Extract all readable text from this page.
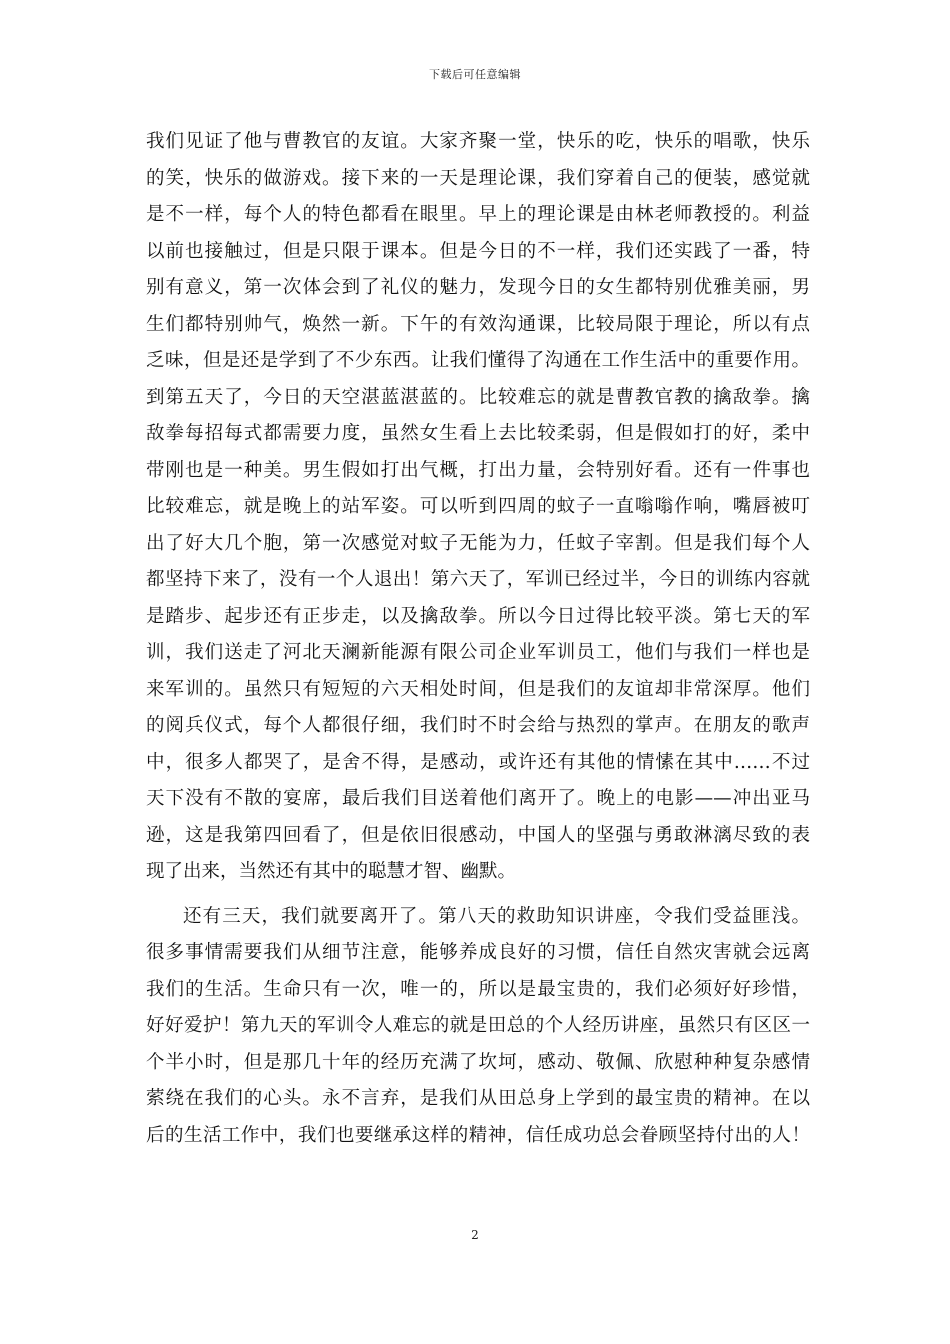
下载后可任意编辑
我们见证了他与曹教官的友谊。大家齐聚一堂，快乐的吃，快乐的唱歌，快乐
的笑，快乐的做游戏。接下来的一天是理论课，我们穿着自己的便装，感觉就
是不一样，每个人的特色都看在眼里。早上的理论课是由林老师教授的。利益
以前也接触过，但是只限于课本。但是今日的不一样，我们还实践了一番，特
别有意义，第一次体会到了礼仪的魅力，发现今日的女生都特别优雅美丽，男
生们都特别帅气，焕然一新。下午的有效沟通课，比较局限于理论，所以有点
乏味，但是还是学到了不少东西。让我们懂得了沟通在工作生活中的重要作用。
到第五天了，今日的天空湛蓝湛蓝的。比较难忘的就是曹教官教的擒敌拳。擒
敌拳每招每式都需要力度，虽然女生看上去比较柔弱，但是假如打的好，柔中
带刚也是一种美。男生假如打出气概，打出力量，会特别好看。还有一件事也
比较难忘，就是晚上的站军姿。可以听到四周的蚊子一直嗡嗡作响，嘴唇被叮
出了好大几个胞，第一次感觉对蚊子无能为力，任蚊子宰割。但是我们每个人
都坚持下来了，没有一个人退出！第六天了，军训已经过半，今日的训练内容就
是踏步、起步还有正步走，以及擒敌拳。所以今日过得比较平淡。第七天的军
训，我们送走了河北天澜新能源有限公司企业军训员工，他们与我们一样也是
来军训的。虽然只有短短的六天相处时间，但是我们的友谊却非常深厚。他们
的阅兵仪式，每个人都很仔细，我们时不时会给与热烈的掌声。在朋友的歌声
中，很多人都哭了，是舍不得，是感动，或许还有其他的情愫在其中……不过
天下没有不散的宴席，最后我们目送着他们离开了。晚上的电影——冲出亚马
逊，这是我第四回看了，但是依旧很感动，中国人的坚强与勇敢淋漓尽致的表
现了出来，当然还有其中的聪慧才智、幽默。
还有三天，我们就要离开了。第八天的救助知识讲座，令我们受益匪浅。
很多事情需要我们从细节注意，能够养成良好的习惯，信任自然灾害就会远离
我们的生活。生命只有一次，唯一的，所以是最宝贵的，我们必须好好珍惜，
好好爱护！第九天的军训令人难忘的就是田总的个人经历讲座，虽然只有区区一
个半小时，但是那几十年的经历充满了坎坷，感动、敬佩、欣慰种种复杂感情
萦绕在我们的心头。永不言弃，是我们从田总身上学到的最宝贵的精神。在以
后的生活工作中，我们也要继承这样的精神，信任成功总会眷顾坚持付出的人！
2
